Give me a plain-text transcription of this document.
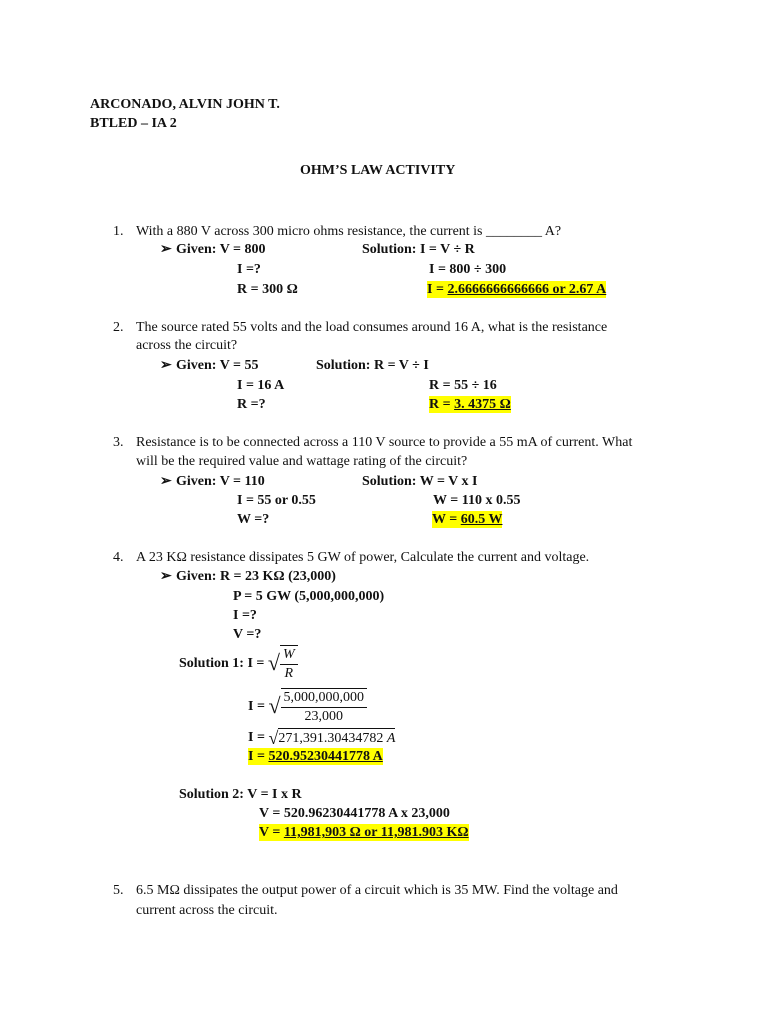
ARCONADO, ALVIN JOHN T.
BTLED – IA 2
OHM’S LAW ACTIVITY
1. With a 880 V across 300 micro ohms resistance, the current is ________ A?
➢ Given: V = 800	Solution: I = V ÷ R
I =?	I = 800 ÷ 300
R = 300 Ω	I = 2.6666666666666 or 2.67 A
2. The source rated 55 volts and the load consumes around 16 A, what is the resistance
across the circuit?
➢ Given: V = 55	Solution: R = V ÷ I
I = 16 A	R = 55 ÷ 16
R =?	R = 3. 4375 Ω
3. Resistance is to be connected across a 110 V source to provide a 55 mA of current. What
will be the required value and wattage rating of the circuit?
➢ Given: V = 110	Solution: W = V x I
I = 55 or 0.55	W = 110 x 0.55
W =?	W = 60.5 W
4. A 23 KΩ resistance dissipates 5 GW of power, Calculate the current and voltage.
➢ Given: R = 23 KΩ (23,000)
P = 5 GW (5,000,000,000)
I =?
V =?
Solution 1: I = √ $\frac{W}{R}$
I = √ $\frac{5,000,000,000}{23,000}$
I = √ 271,391.30434782
A
I = 520.95230441778 A
Solution 2: V = I x R
V = 520.96230441778 A x 23,000
V = 11,981,903 Ω or 11,981.903 KΩ
5. 6.5 MΩ dissipates the output power of a circuit which is 35 MW. Find the voltage and
current across the circuit.
